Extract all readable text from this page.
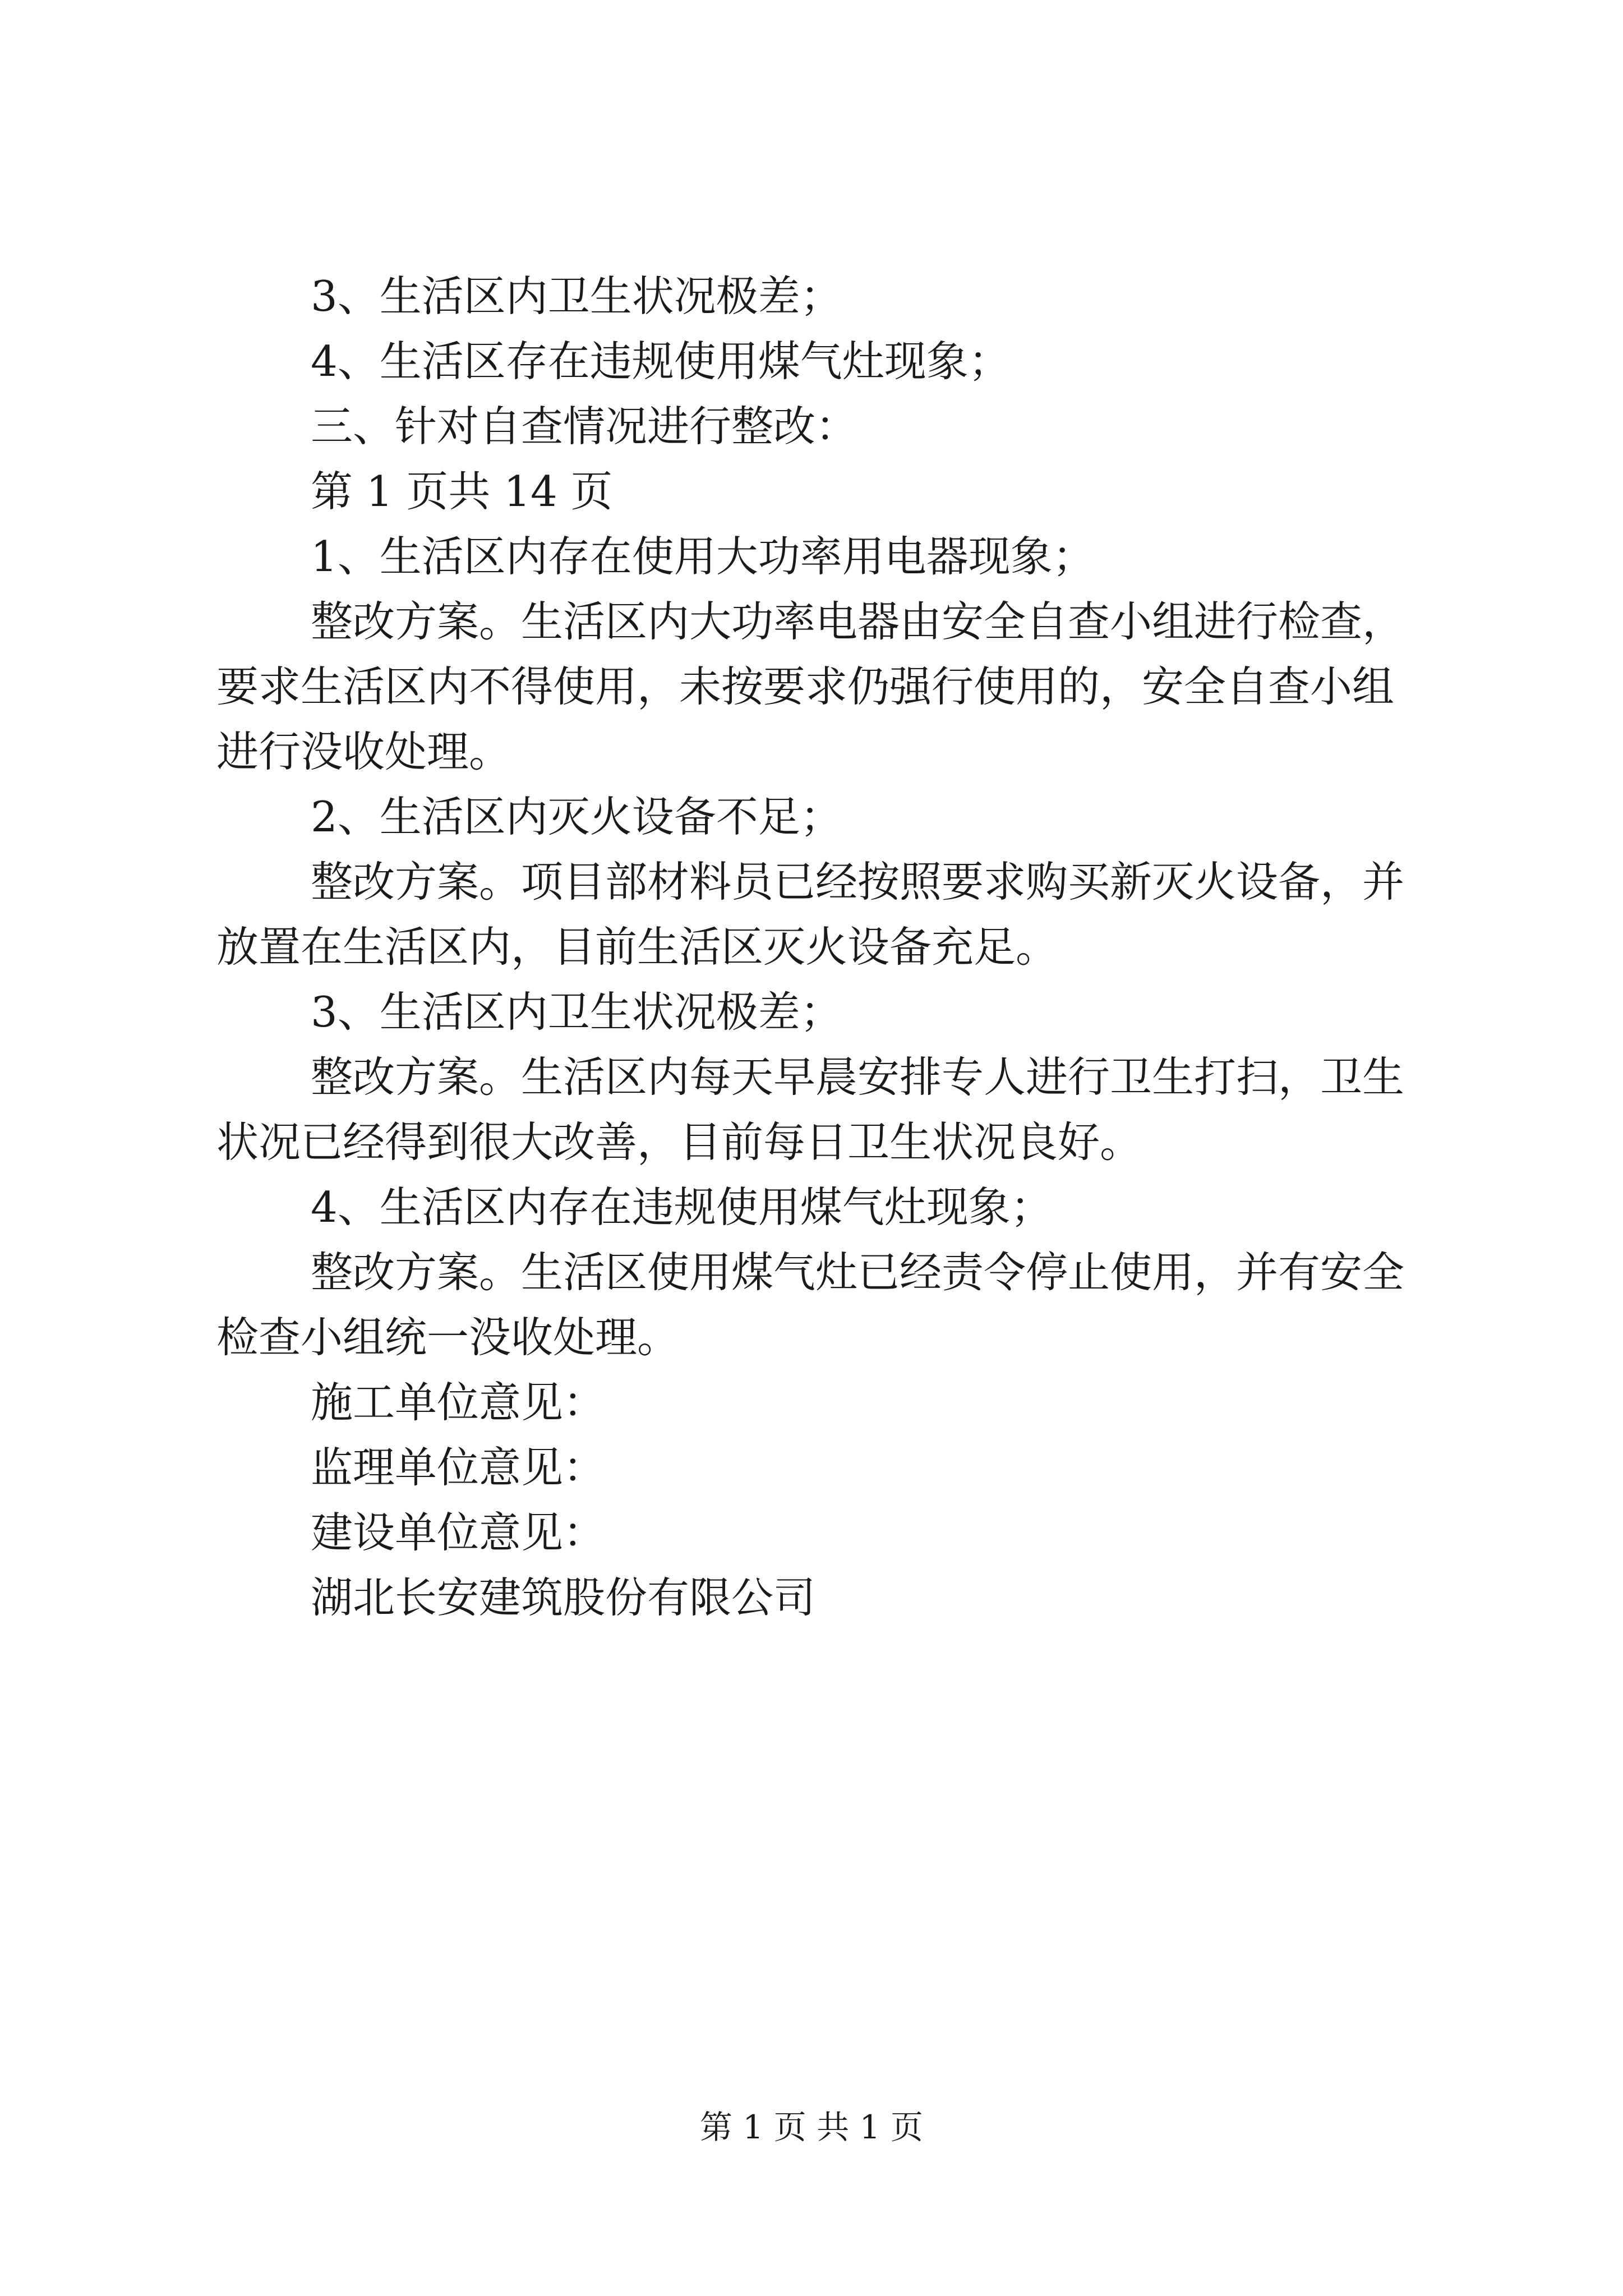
3、生活区内卫生状况极差；

4、生活区存在违规使用煤气灶现象；

三、针对自查情况进行整改：

第 1 页共 14 页

1、生活区内存在使用大功率用电器现象；

整改方案。生活区内大功率电器由安全自查小组进行检查，要求生活区内不得使用，未按要求仍强行使用的，安全自查小组进行没收处理。

2、生活区内灭火设备不足；

整改方案。项目部材料员已经按照要求购买新灭火设备，并放置在生活区内，目前生活区灭火设备充足。

3、生活区内卫生状况极差；

整改方案。生活区内每天早晨安排专人进行卫生打扫，卫生状况已经得到很大改善，目前每日卫生状况良好。

4、生活区内存在违规使用煤气灶现象；

整改方案。生活区使用煤气灶已经责令停止使用，并有安全检查小组统一没收处理。

施工单位意见：

监理单位意见：

建设单位意见：

湖北长安建筑股份有限公司

第 1 页 共 1 页
